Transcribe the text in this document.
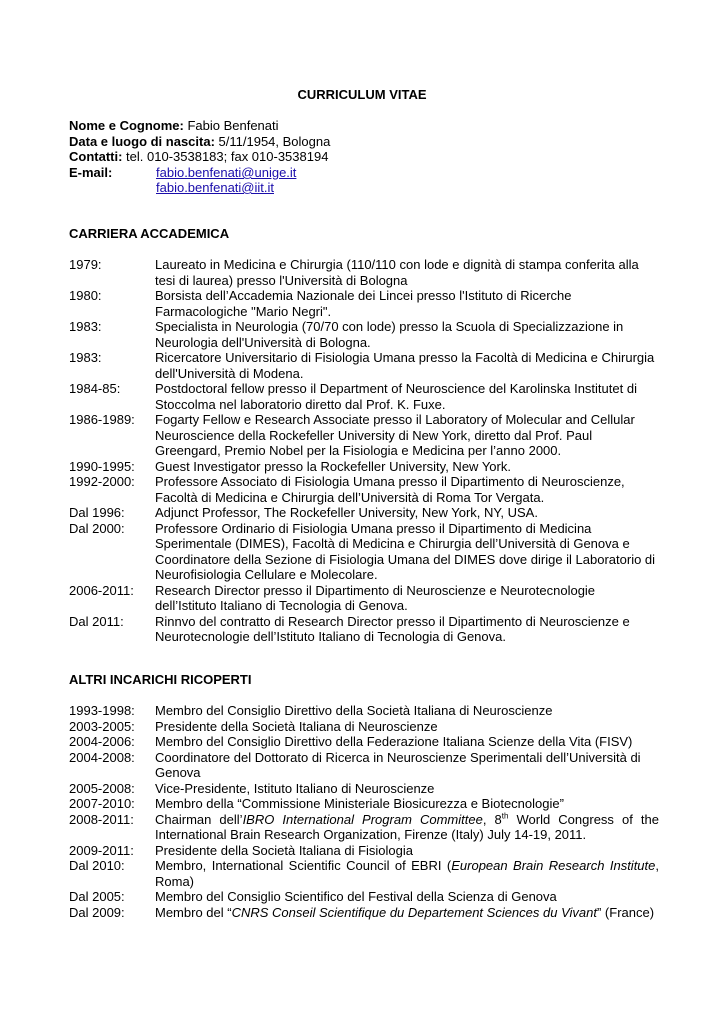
CURRICULUM VITAE
Nome e Cognome: Fabio Benfenati
Data e luogo di nascita: 5/11/1954, Bologna
Contatti: tel. 010-3538183; fax 010-3538194
E-mail:	fabio.benfenati@unige.it
fabio.benfenati@iit.it
CARRIERA ACCADEMICA
1979:	Laureato in Medicina e Chirurgia (110/110 con lode e dignità di stampa conferita alla tesi di laurea) presso l'Università di Bologna
1980:	Borsista dell’Accademia Nazionale dei Lincei presso l'Istituto di Ricerche Farmacologiche "Mario Negri".
1983:	Specialista in Neurologia (70/70 con lode) presso la Scuola di Specializzazione in Neurologia dell'Università di Bologna.
1983:	Ricercatore Universitario di Fisiologia Umana presso la Facoltà di Medicina e Chirurgia dell'Università di Modena.
1984-85:	Postdoctoral fellow presso il Department of Neuroscience del Karolinska Institutet di Stoccolma nel laboratorio diretto dal Prof. K. Fuxe.
1986-1989: Fogarty Fellow e Research Associate presso il Laboratory of Molecular and Cellular Neuroscience della Rockefeller University di New York, diretto dal Prof. Paul Greengard, Premio Nobel per la Fisiologia e Medicina per l’anno 2000.
1990-1995: Guest Investigator presso la Rockefeller University, New York.
1992-2000: Professore Associato di Fisiologia Umana presso il Dipartimento di Neuroscienze, Facoltà di Medicina e Chirurgia dell’Università di Roma Tor Vergata.
Dal 1996: Adjunct Professor, The Rockefeller University, New York, NY, USA.
Dal 2000: Professore Ordinario di Fisiologia Umana presso il Dipartimento di Medicina Sperimentale (DIMES), Facoltà di Medicina e Chirurgia dell’Università di Genova e Coordinatore della Sezione di Fisiologia Umana del DIMES dove dirige il Laboratorio di Neurofisiologia Cellulare e Molecolare.
2006-2011: Research Director presso il Dipartimento di Neuroscienze e Neurotecnologie dell’Istituto Italiano di Tecnologia di Genova.
Dal 2011: Rinnvo del contratto di Research Director presso il Dipartimento di Neuroscienze e Neurotecnologie dell’Istituto Italiano di Tecnologia di Genova.
ALTRI INCARICHI RICOPERTI
1993-1998: Membro del Consiglio Direttivo della Società Italiana di Neuroscienze
2003-2005: Presidente della Società Italiana di Neuroscienze
2004-2006: Membro del Consiglio Direttivo della Federazione Italiana Scienze della Vita (FISV)
2004-2008: Coordinatore del Dottorato di Ricerca in Neuroscienze Sperimentali dell’Università di Genova
2005-2008: Vice-Presidente, Istituto Italiano di Neuroscienze
2007-2010: Membro della “Commissione Ministeriale Biosicurezza e Biotecnologie”
2008-2011: Chairman dell’IBRO International Program Committee, 8th World Congress of the International Brain Research Organization, Firenze (Italy) July 14-19, 2011.
2009-2011: Presidente della Società Italiana di Fisiologia
Dal 2010: Membro, International Scientific Council of EBRI (European Brain Research Institute, Roma)
Dal 2005: Membro del Consiglio Scientifico del Festival della Scienza di Genova
Dal 2009: Membro del “CNRS Conseil Scientifique du Departement Sciences du Vivant” (France)
